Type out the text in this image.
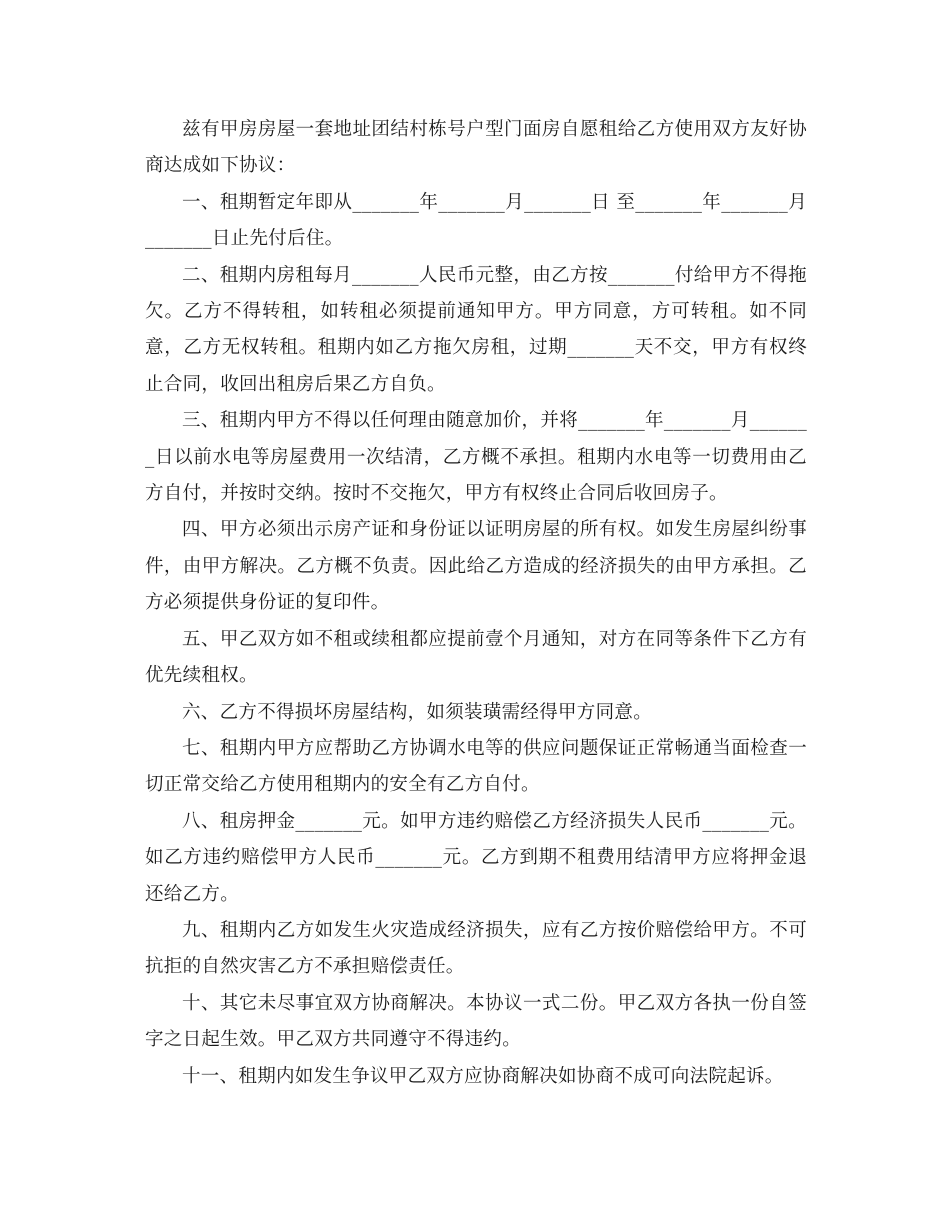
兹有甲房房屋一套地址团结村栋号户型门面房自愿租给乙方使用双方友好协商达成如下协议：

一、租期暂定年即从_______年_______月_______日 至_______年_______月_______日止先付后住。

二、租期内房租每月_______人民币元整，由乙方按_______付给甲方不得拖欠。乙方不得转租，如转租必须提前通知甲方。甲方同意，方可转租。如不同意，乙方无权转租。租期内如乙方拖欠房租，过期_______天不交，甲方有权终止合同，收回出租房后果乙方自负。

三、租期内甲方不得以任何理由随意加价，并将_______年_______月_______日以前水电等房屋费用一次结清，乙方概不承担。租期内水电等一切费用由乙方自付，并按时交纳。按时不交拖欠，甲方有权终止合同后收回房子。

四、甲方必须出示房产证和身份证以证明房屋的所有权。如发生房屋纠纷事件，由甲方解决。乙方概不负责。因此给乙方造成的经济损失的由甲方承担。乙方必须提供身份证的复印件。

五、甲乙双方如不租或续租都应提前壹个月通知，对方在同等条件下乙方有优先续租权。

六、乙方不得损坏房屋结构，如须装璜需经得甲方同意。

七、租期内甲方应帮助乙方协调水电等的供应问题保证正常畅通当面检查一切正常交给乙方使用租期内的安全有乙方自付。

八、租房押金_______元。如甲方违约赔偿乙方经济损失人民币_______元。如乙方违约赔偿甲方人民币_______元。乙方到期不租费用结清甲方应将押金退还给乙方。

九、租期内乙方如发生火灾造成经济损失，应有乙方按价赔偿给甲方。不可抗拒的自然灾害乙方不承担赔偿责任。

十、其它未尽事宜双方协商解决。本协议一式二份。甲乙双方各执一份自签字之日起生效。甲乙双方共同遵守不得违约。

十一、租期内如发生争议甲乙双方应协商解决如协商不成可向法院起诉。
